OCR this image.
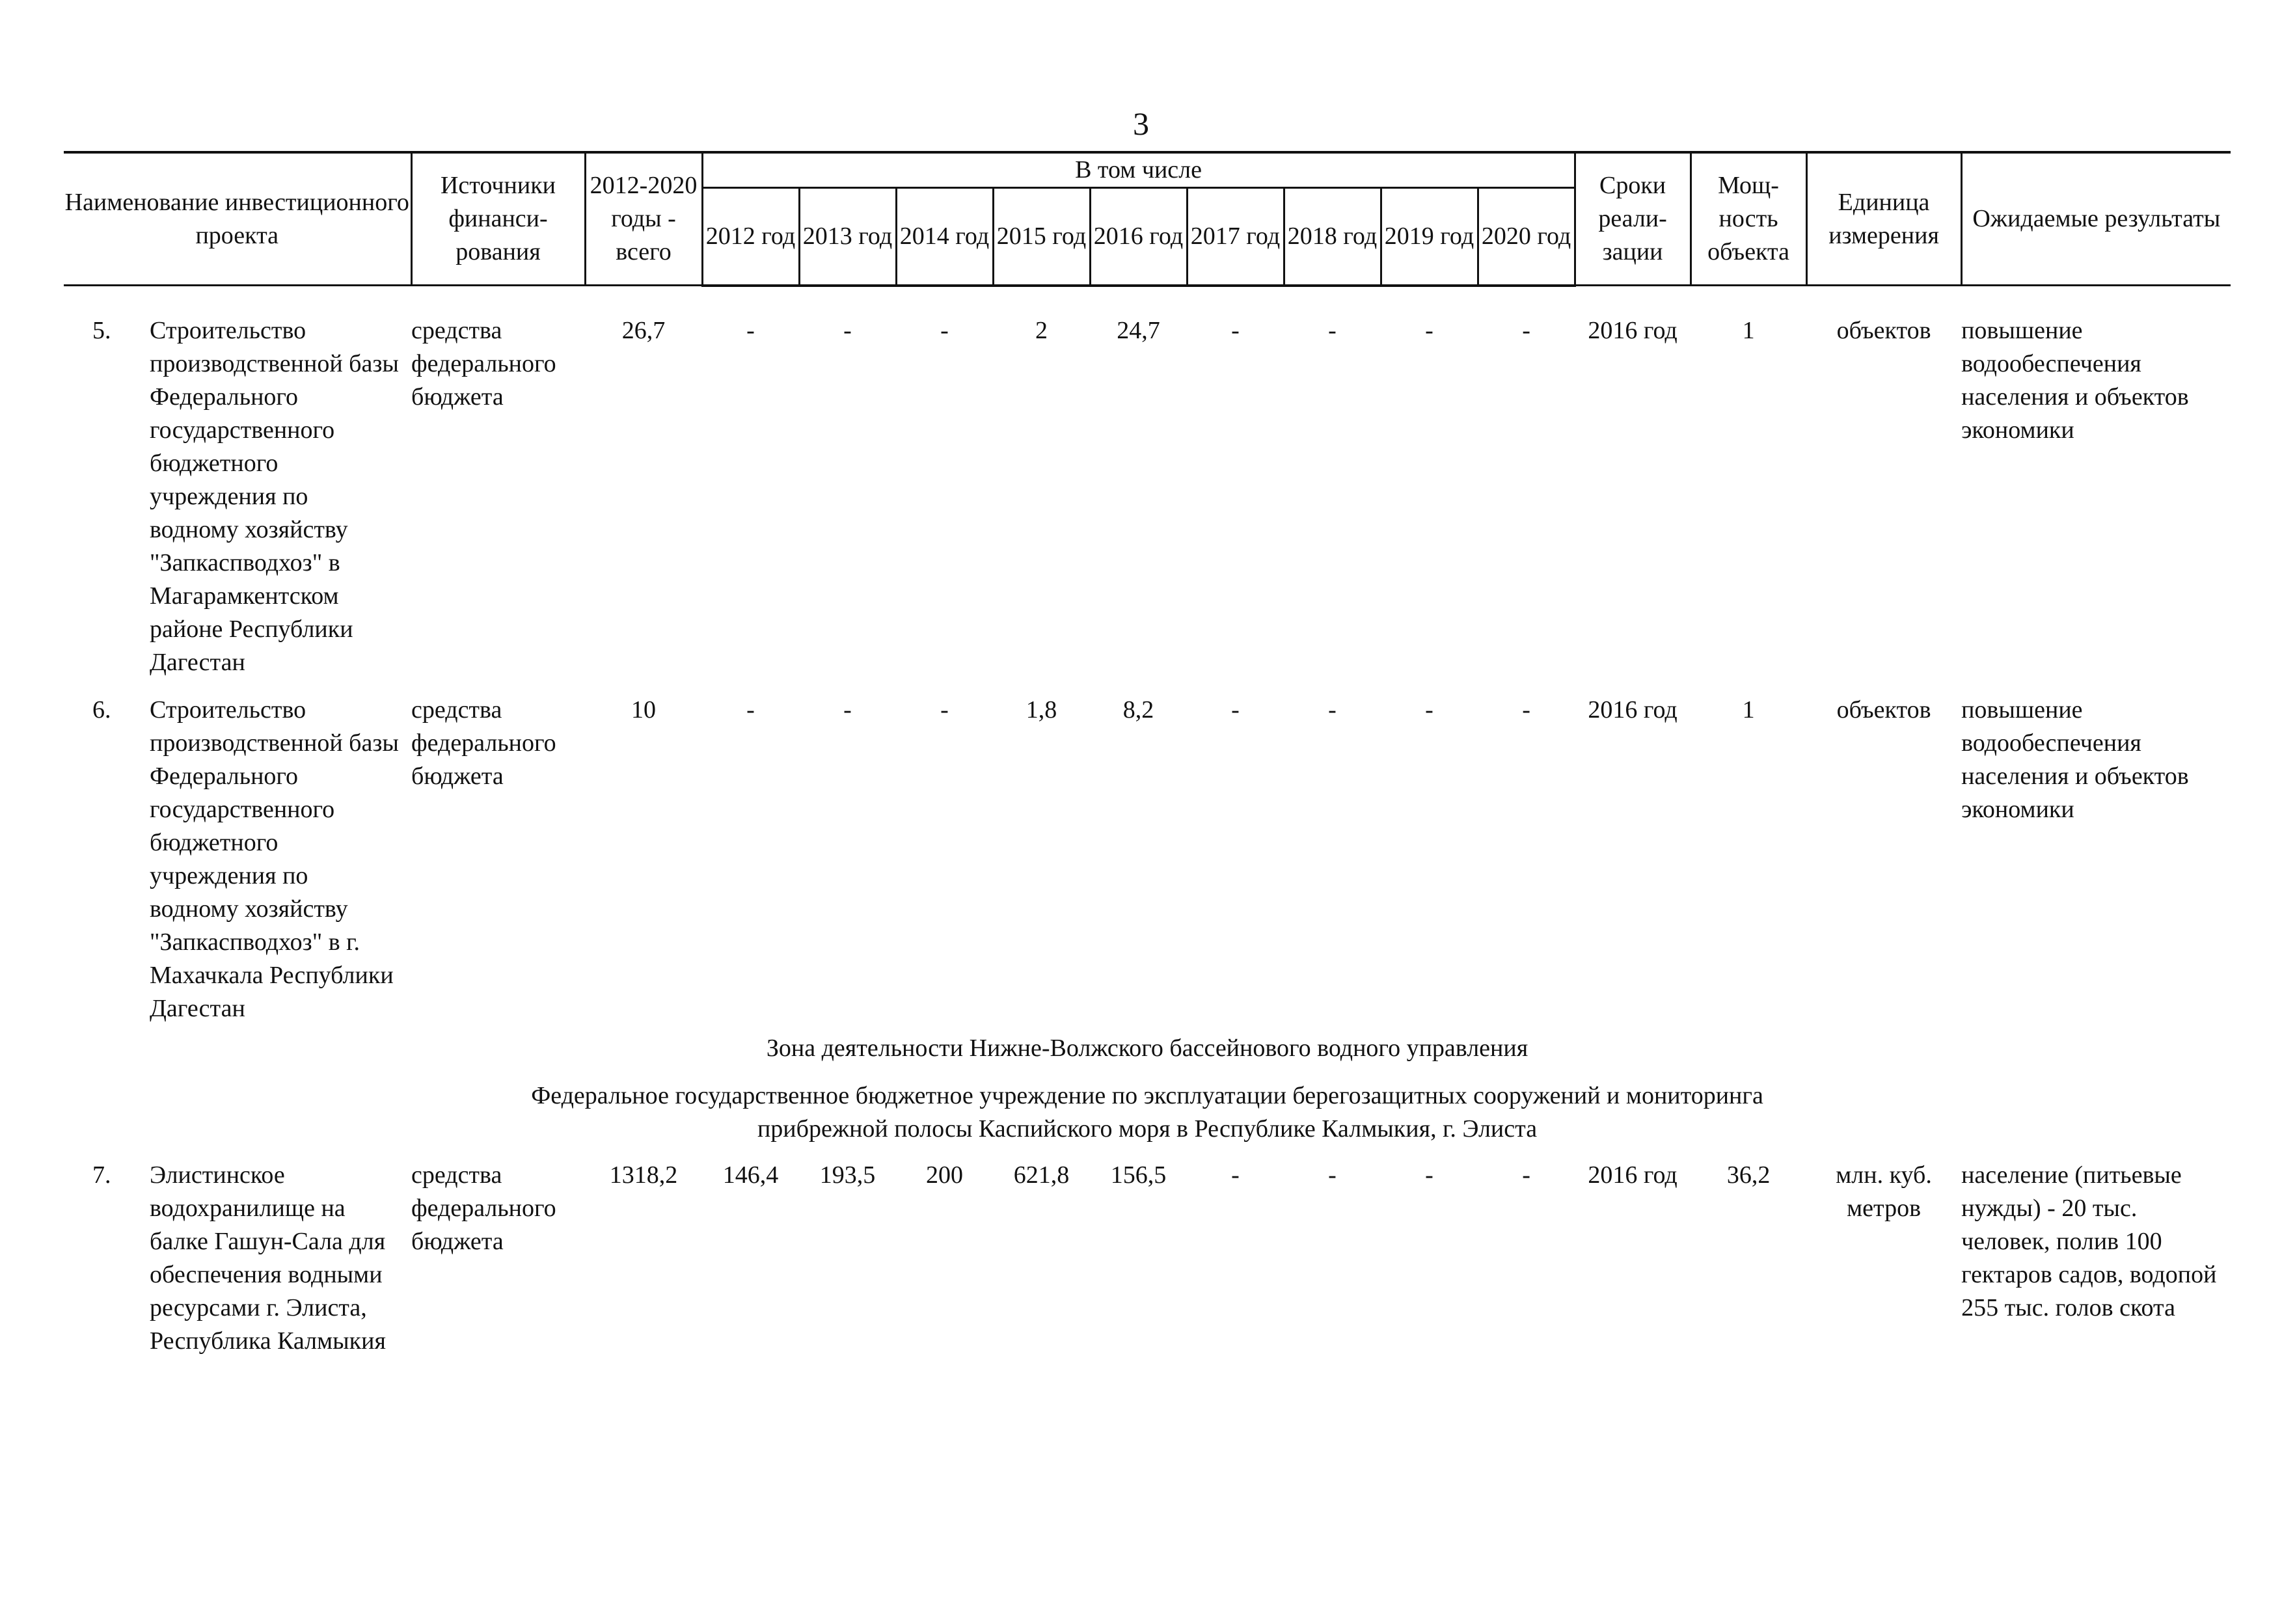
3
Наименование инвестиционного проекта	Источники финанси-рования	2012-2020 годы - всего	В том числе									Сроки реали-зации	Мощ-ность объекта	Единица измерения	Ожидаемые результаты
			2012 год	2013 год	2014 год	2015 год	2016 год	2017 год	2018 год	2019 год	2020 год				

5. Строительство производственной базы Федерального государственного бюджетного учреждения по водному хозяйству "Запкаспводхоз" в Магарамкентском районе Республики Дагестан	средства федерального бюджета	26,7	-	-	-	2	24,7	-	-	-	-	2016 год	1	объектов	повышение водообеспечения населения и объектов экономики

6. Строительство производственной базы Федерального государственного бюджетного учреждения по водному хозяйству "Запкаспводхоз" в г. Махачкала Республики Дагестан	средства федерального бюджета	10	-	-	-	1,8	8,2	-	-	-	-	2016 год	1	объектов	повышение водообеспечения населения и объектов экономики

Зона деятельности Нижне-Волжского бассейнового водного управления															

Федеральное государственное бюджетное учреждение по эксплуатации берегозащитных сооружений и мониторинга
прибрежной полосы Каспийского моря в Республике Калмыкия, г. Элиста															

7. Элистинское водохранилище на балке Гашун-Сала для обеспечения водными ресурсами г. Элиста, Республика Калмыкия	средства федерального бюджета	1318,2	146,4	193,5	200	621,8	156,5	-	-	-	-	2016 год	36,2	млн. куб. метров	население (питьевые нужды) - 20 тыс. человек, полив 100 гектаров садов, водопой 255 тыс. голов скота
